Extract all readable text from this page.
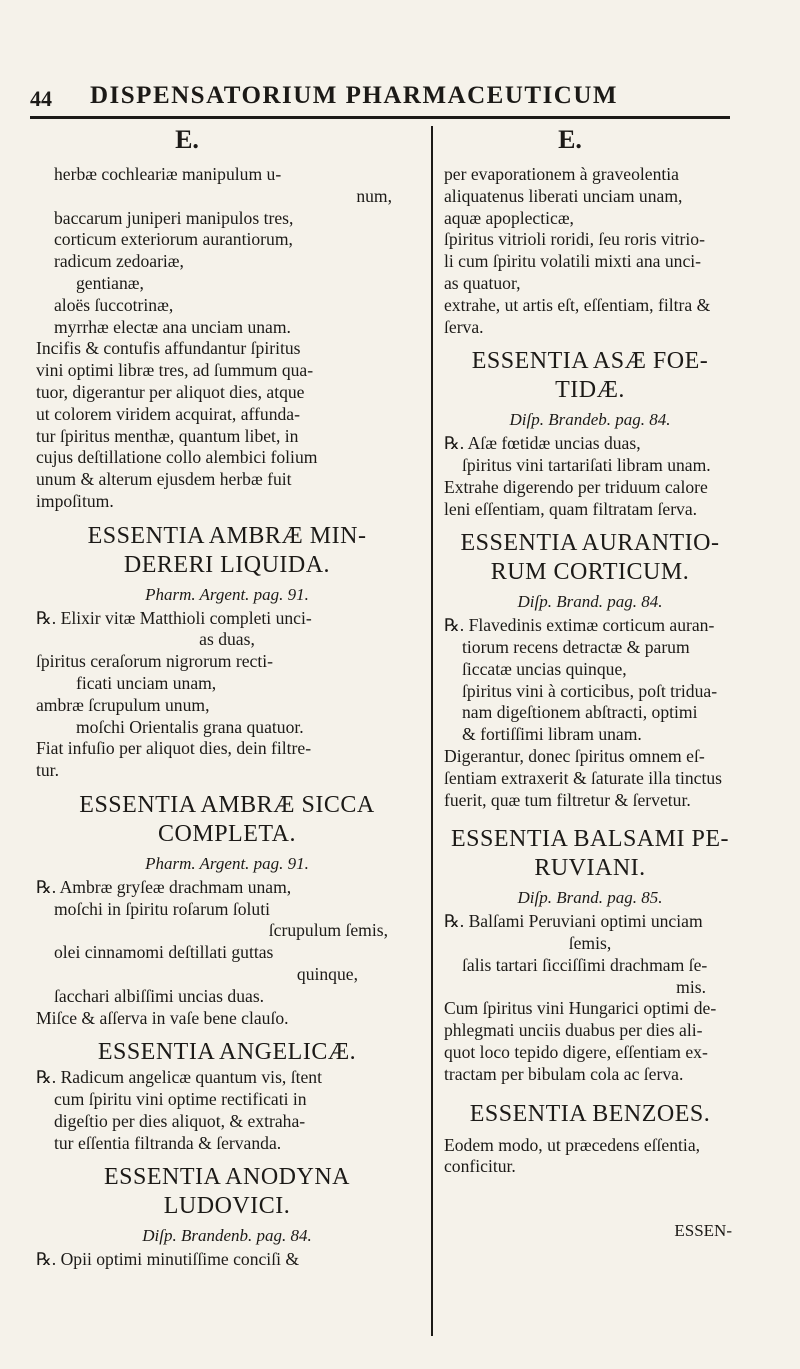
44 DISPENSATORIUM PHARMACEUTICUM
E.
herbæ cochleariæ manipulum u-
num,
baccarum juniperi manipulos tres,
corticum exteriorum aurantiorum,
radicum zedoariæ,
gentianæ,
aloës ſuccotrinæ,
myrrhæ electæ ana unciam unam.
Incifis & contufis affundantur ſpiritus
vini optimi libræ tres, ad ſummum qua-
tuor, digerantur per aliquot dies, atque
ut colorem viridem acquirat, affunda-
tur ſpiritus menthæ, quantum libet, in
cujus deſtillatione collo alembici folium
unum & alterum ejusdem herbæ fuit
impoſitum.
ESSENTIA AMBRÆ MIN-
DERERI LIQUIDA.
Pharm. Argent. pag. 91.
℞. Elixir vitæ Matthioli completi unci-
as duas,
ſpiritus ceraſorum nigrorum recti-
ficati unciam unam,
ambræ ſcrupulum unum,
moſchi Orientalis grana quatuor.
Fiat infuſio per aliquot dies, dein filtre-
tur.
ESSENTIA AMBRÆ SICCA
COMPLETA.
Pharm. Argent. pag. 91.
℞. Ambræ gryſeæ drachmam unam,
moſchi in ſpiritu roſarum ſoluti
ſcrupulum ſemis,
olei cinnamomi deſtillati guttas
quinque,
ſacchari albiſſimi uncias duas.
Miſce & aſſerva in vaſe bene clauſo.
ESSENTIA ANGELICÆ.
℞. Radicum angelicæ quantum vis, ſtent
cum ſpiritu vini optime rectificati in
digeſtio per dies aliquot, & extraha-
tur eſſentia filtranda & ſervanda.
ESSENTIA ANODYNA
LUDOVICI.
Diſp. Brandenb. pag. 84.
℞. Opii optimi minutiſſime conciſi &
E.
per evaporationem à graveolentia
aliquatenus liberati unciam unam,
aquæ apoplecticæ,
ſpiritus vitrioli roridi, ſeu roris vitrio-
li cum ſpiritu volatili mixti ana unci-
as quatuor,
extrahe, ut artis eſt, eſſentiam, filtra &
ſerva.
ESSENTIA ASÆ FOE-
TIDÆ.
Diſp. Brandeb. pag. 84.
℞. Aſæ fœtidæ uncias duas,
ſpiritus vini tartariſati libram unam.
Extrahe digerendo per triduum calore
leni eſſentiam, quam filtratam ſerva.
ESSENTIA AURANTIO-
RUM CORTICUM.
Diſp. Brand. pag. 84.
℞. Flavedinis extimæ corticum auran-
tiorum recens detractæ & parum
ſiccatæ uncias quinque,
ſpiritus vini à corticibus, poſt tridua-
nam digeſtionem abſtracti, optimi
& fortiſſimi libram unam.
Digerantur, donec ſpiritus omnem eſ-
ſentiam extraxerit & ſaturate illa tinctus
fuerit, quæ tum filtretur & ſervetur.
ESSENTIA BALSAMI PE-
RUVIANI.
Diſp. Brand. pag. 85.
℞. Balſami Peruviani optimi unciam
ſemis,
ſalis tartari ſicciſſimi drachmam ſe-
mis.
Cum ſpiritus vini Hungarici optimi de-
phlegmati unciis duabus per dies ali-
quot loco tepido digere, eſſentiam ex-
tractam per bibulam cola ac ſerva.
ESSENTIA BENZOES.
Eodem modo, ut præcedens eſſentia,
conficitur.
ESSEN-
